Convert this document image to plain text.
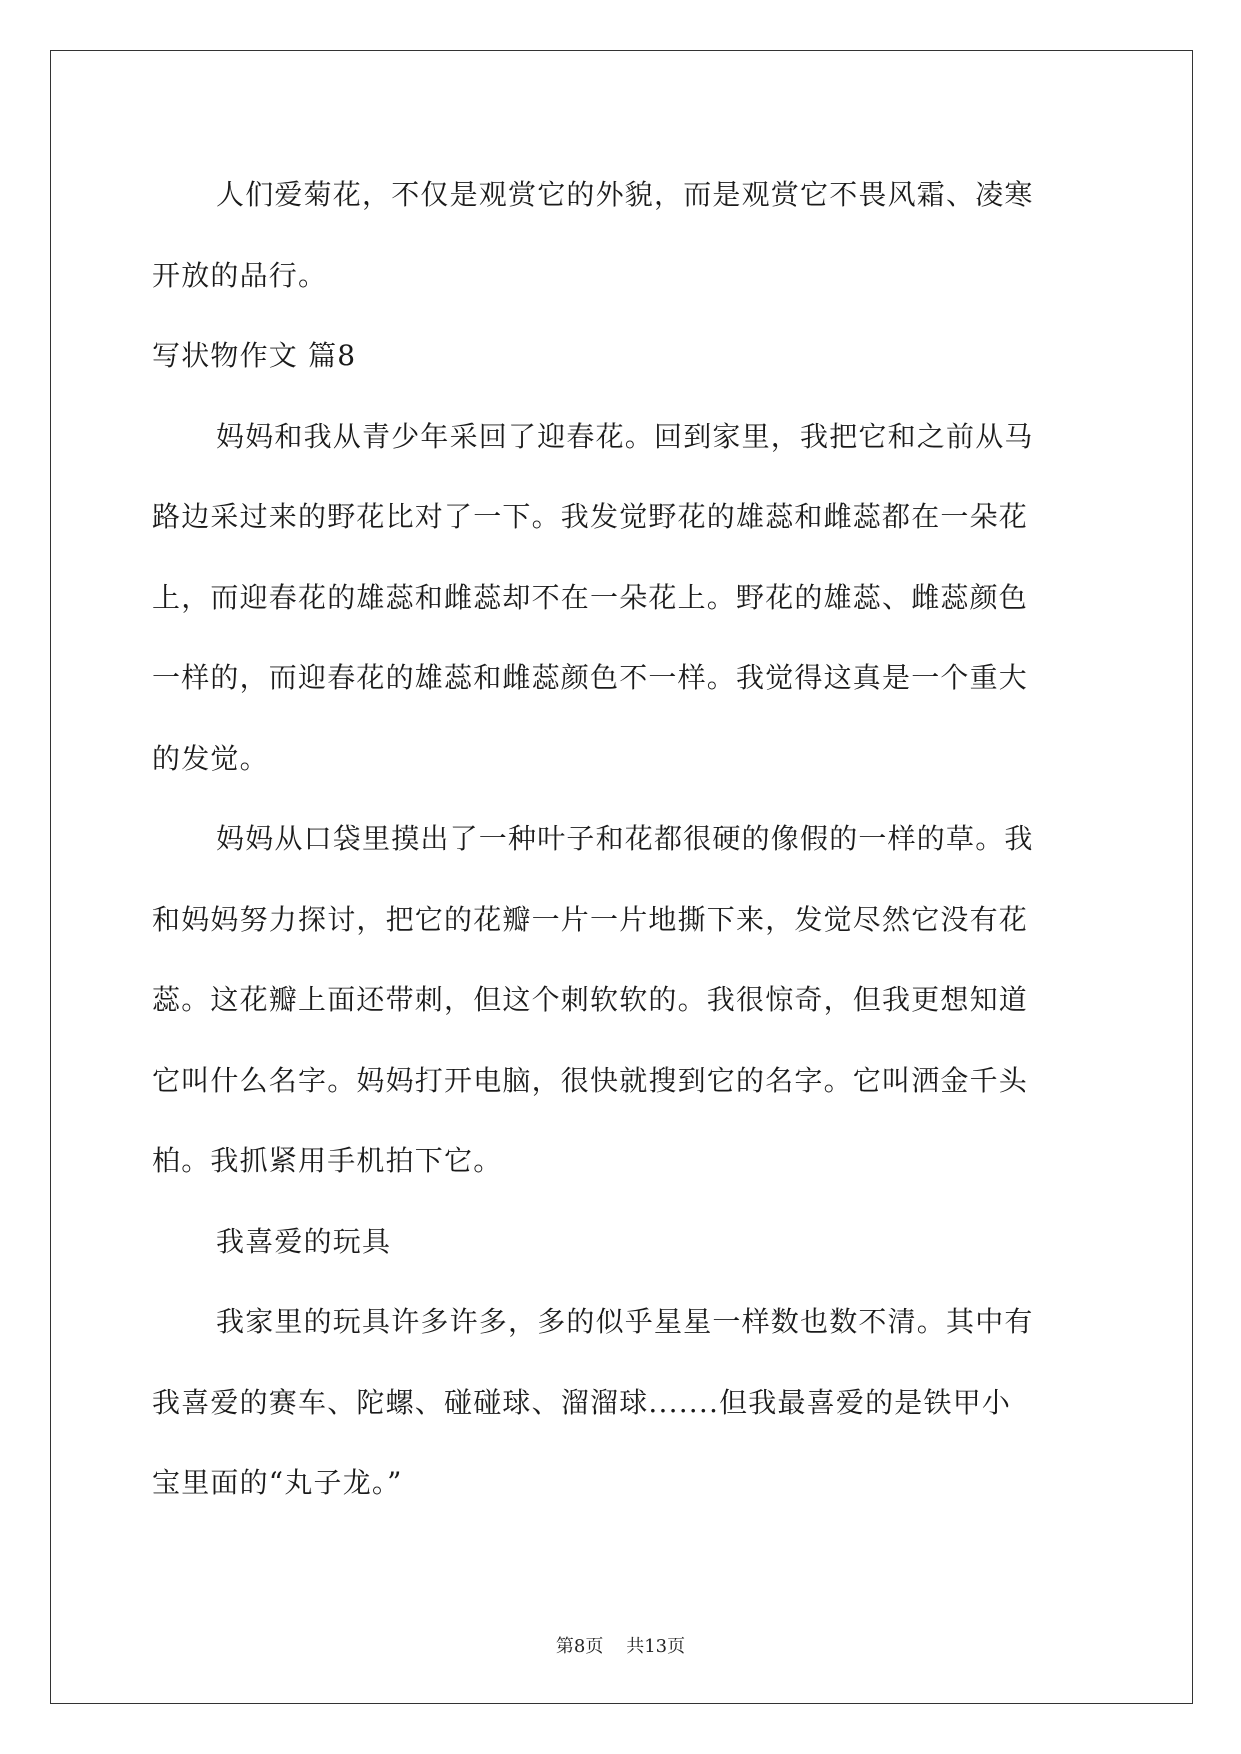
人们爱菊花，不仅是观赏它的外貌，而是观赏它不畏风霜、凌寒
开放的品行。
写状物作文 篇8
妈妈和我从青少年采回了迎春花。回到家里，我把它和之前从马
路边采过来的野花比对了一下。我发觉野花的雄蕊和雌蕊都在一朵花
上，而迎春花的雄蕊和雌蕊却不在一朵花上。野花的雄蕊、雌蕊颜色
一样的，而迎春花的雄蕊和雌蕊颜色不一样。我觉得这真是一个重大
的发觉。
妈妈从口袋里摸出了一种叶子和花都很硬的像假的一样的草。我
和妈妈努力探讨，把它的花瓣一片一片地撕下来，发觉尽然它没有花
蕊。这花瓣上面还带刺，但这个刺软软的。我很惊奇，但我更想知道
它叫什么名字。妈妈打开电脑，很快就搜到它的名字。它叫洒金千头
柏。我抓紧用手机拍下它。
我喜爱的玩具
我家里的玩具许多许多，多的似乎星星一样数也数不清。其中有
我喜爱的赛车、陀螺、碰碰球、溜溜球.......但我最喜爱的是铁甲小
宝里面的“丸子龙。”
第8页 共13页
